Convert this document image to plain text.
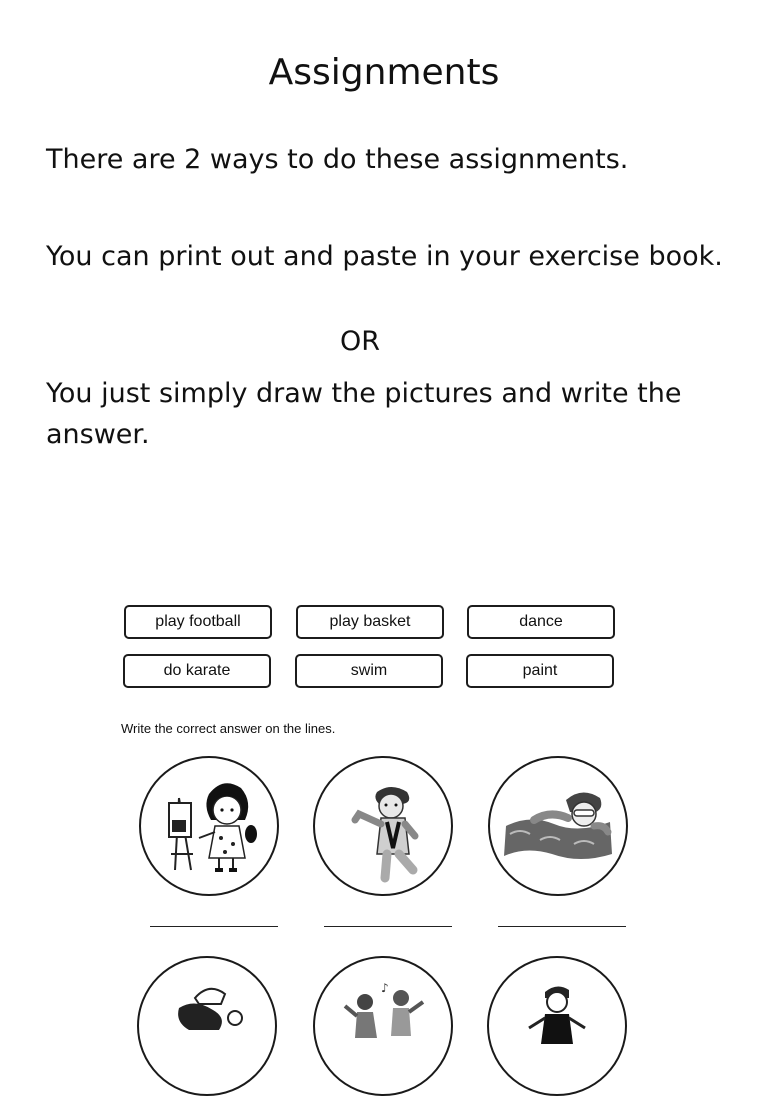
Assignments
There are 2 ways to do these assignments.
You can print out and paste in your exercise book.
OR
You just simply draw the pictures and write the answer.
play football	play basket	dance
do karate	swim	paint
Write the correct answer on the lines.
♪
